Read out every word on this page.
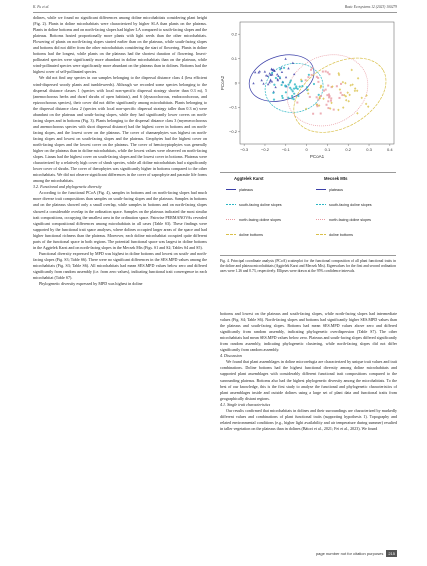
K. Fu et al.	Basic Ecosystems 12 (2023) 100279

dolines, while we found no significant differences among doline microhabitats considering plant height (Fig. 2). Plants in doline microhabitats were characterized by higher SLA than plants on the plateaus. Plants in doline bottoms and on north-facing slopes had higher LA compared to south-facing slopes and the plateaus. Bottoms hosted proportionally more plants with light seeds than the other microhabitats. Flowering of plants on north-facing slopes started earlier than on the plateaus, while south-facing slopes and bottoms did not differ from the other microhabitats considering the start of flowering. Plants in doline bottoms had the longest, while plants on the plateaus had the shortest duration of flowering. Insect-pollinated species were significantly more abundant in doline microhabitats than on the plateaus, while wind-pollinated species were significantly more abundant on the plateaus than in dolines. Bottoms had the highest cover of self-pollinated species.

We did not find any species in our samples belonging to the dispersal distance class 4 (less efficient wind-dispersed woody plants and tumbleweeds). Although we recorded some species belonging to the dispersal distance classes 1 (species with local non-specific dispersal strategy shorter than 0.3 m), 5 (anemochorous herbs and dwarf shrubs of open habitats), and 6 (dyszoochorous, endozoochorous, and epizoochorous species), their cover did not differ significantly among microhabitats. Plants belonging to the dispersal distance class 2 (species with local non-specific dispersal strategy taller than 0.3 m) were abundant on the plateaus and south-facing slopes, while they had significantly lower covers on north-facing slopes and in bottoms (Fig. 3). Plants belonging to the dispersal distance class 3 (myrmecochorous and anemochorous species with short dispersal distance) had the highest cover in bottoms and on north-facing slopes, and the lowest cover on the plateaus. The cover of chamaephytes was highest on north-facing slopes and lowest on south-facing slopes and the plateaus. Geophytes had the highest cover on north-facing slopes and the lowest cover on the plateaus. The cover of hemicryptophytes was generally higher on the plateaus than in doline microhabitats, while the lowest values were observed on north-facing slopes. Lianas had the highest cover on south-facing slopes and the lowest cover in bottoms. Plateaus were characterized by a relatively high cover of shrub species, while all doline microhabitats had a significantly lower cover of shrubs. The cover of therophytes was significantly higher in bottoms compared to the other microhabitats. We did not observe significant differences in the cover of saprophyte and parasite life forms among the microhabitats.

3.2. Functional and phylogenetic diversity

According to the functional PCoA (Fig. 4), samples in bottoms and on north-facing slopes had much more diverse trait compositions than samples on south-facing slopes and the plateaus. Samples in bottoms and on the plateaus showed only a small overlap, while samples in bottoms and on north-facing slopes showed a considerable overlap in the ordination space. Samples on the plateaus indicated the most similar trait compositions, occupying the smallest area in the ordination space. Pairwise PERMANOVAs revealed significant compositional differences among microhabitats in all cases (Table S3). These findings were supported by the functional trait space analyses, where dolines occupied larger areas of the space and had higher functional richness than the plateaus. Moreover, each doline microhabitat occupied quite different parts of the functional space in both regions. The potential functional space was largest in doline bottoms in the Aggtelek Karst and on north-facing slopes in the Mecsek Mts (Figs. S1 and S2; Tables S4 and S5).

Functional diversity expressed by MPD was highest in doline bottoms and lowest on south- and north-facing slopes (Fig. S3; Table S6). There were no significant differences in the SES.MPD values among the microhabitats (Fig. S3; Table S6). All microhabitats had mean SES.MPD values below zero and differed significantly from random assembly (i.e. from zero values), indicating functional trait convergence in each microhabitat (Table S7).

Phylogenetic diversity expressed by MPD was highest in doline

−0.3	−0.2	−0.1	0	0.1	0.2	0.3	0.4
0.2
0.1
0
−0.1
−0.2
PCoA1
PCoA2
Aggtelek Karst	Mecsek Mts
plateaus
south-facing doline slopes
north-facing doline slopes
doline bottoms
plateaus
south-facing doline slopes
north-facing doline slopes
doline bottoms
Fig. 4. Principal coordinate analysis (PCoA) scatterplot for the functional composition of all plant functional traits in the doline and plateau microhabitats (Aggtelek Karst and Mecsek Mts). Eigenvalues for the first and second ordination axes were 1.26 and 0.73, respectively. Ellipses were drawn at the 95% confidence intervals.

bottoms and lowest on the plateaus and south-facing slopes, while north-facing slopes had intermediate values (Fig. S4; Table S6). North-facing slopes and bottoms had significantly higher SES.MPD values than the plateaus and south-facing slopes. Bottoms had mean SES.MPD values above zero and differed significantly from random assembly, indicating phylogenetic overdispersion (Table S7). The other microhabitats had mean SES.MPD values below zero. Plateaus and south-facing slopes differed significantly from random assembly, indicating phylogenetic clustering, while north-facing slopes did not differ significantly from random assembly.

4. Discussion

We found that plant assemblages in doline microrefugia are characterized by unique trait values and trait combinations. Doline bottoms had the highest functional diversity among doline microhabitats and supported plant assemblages with considerably different functional trait compositions compared to the surrounding plateaus. Bottoms also had the highest phylogenetic diversity among the microhabitats. To the best of our knowledge, this is the first study to analyse the functional and phylogenetic characteristics of plant assemblages inside and outside dolines using a large set of plant data and functional traits from geographically distant regions.

4.1. Single trait characteristics

Our results confirmed that microhabitats in dolines and their surroundings are characterized by markedly different values and combinations of plant functional traits (supporting hypothesis 1). Topography and related environmental conditions (e.g., higher light availability and air temperature during summer) resulted in taller vegetation on the plateaus than in dolines (Bátori et al., 2021; Fei et al., 2023). We found

page number not for citation purposes	215
